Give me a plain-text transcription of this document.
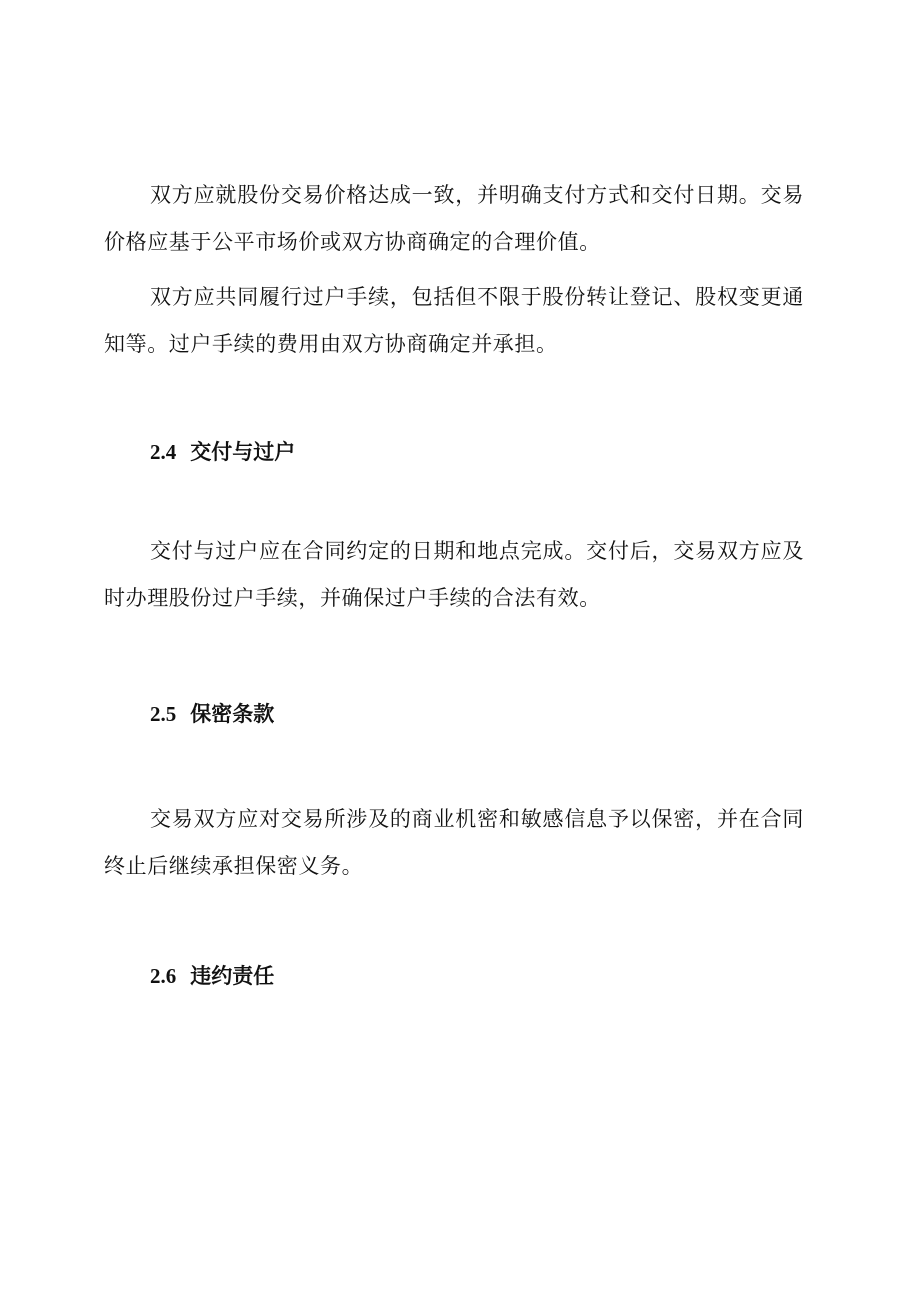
双方应就股份交易价格达成一致，并明确支付方式和交付日期。交易价格应基于公平市场价或双方协商确定的合理价值。

双方应共同履行过户手续，包括但不限于股份转让登记、股权变更通知等。过户手续的费用由双方协商确定并承担。

2.4 交付与过户

交付与过户应在合同约定的日期和地点完成。交付后，交易双方应及时办理股份过户手续，并确保过户手续的合法有效。

2.5 保密条款

交易双方应对交易所涉及的商业机密和敏感信息予以保密，并在合同终止后继续承担保密义务。

2.6 违约责任
